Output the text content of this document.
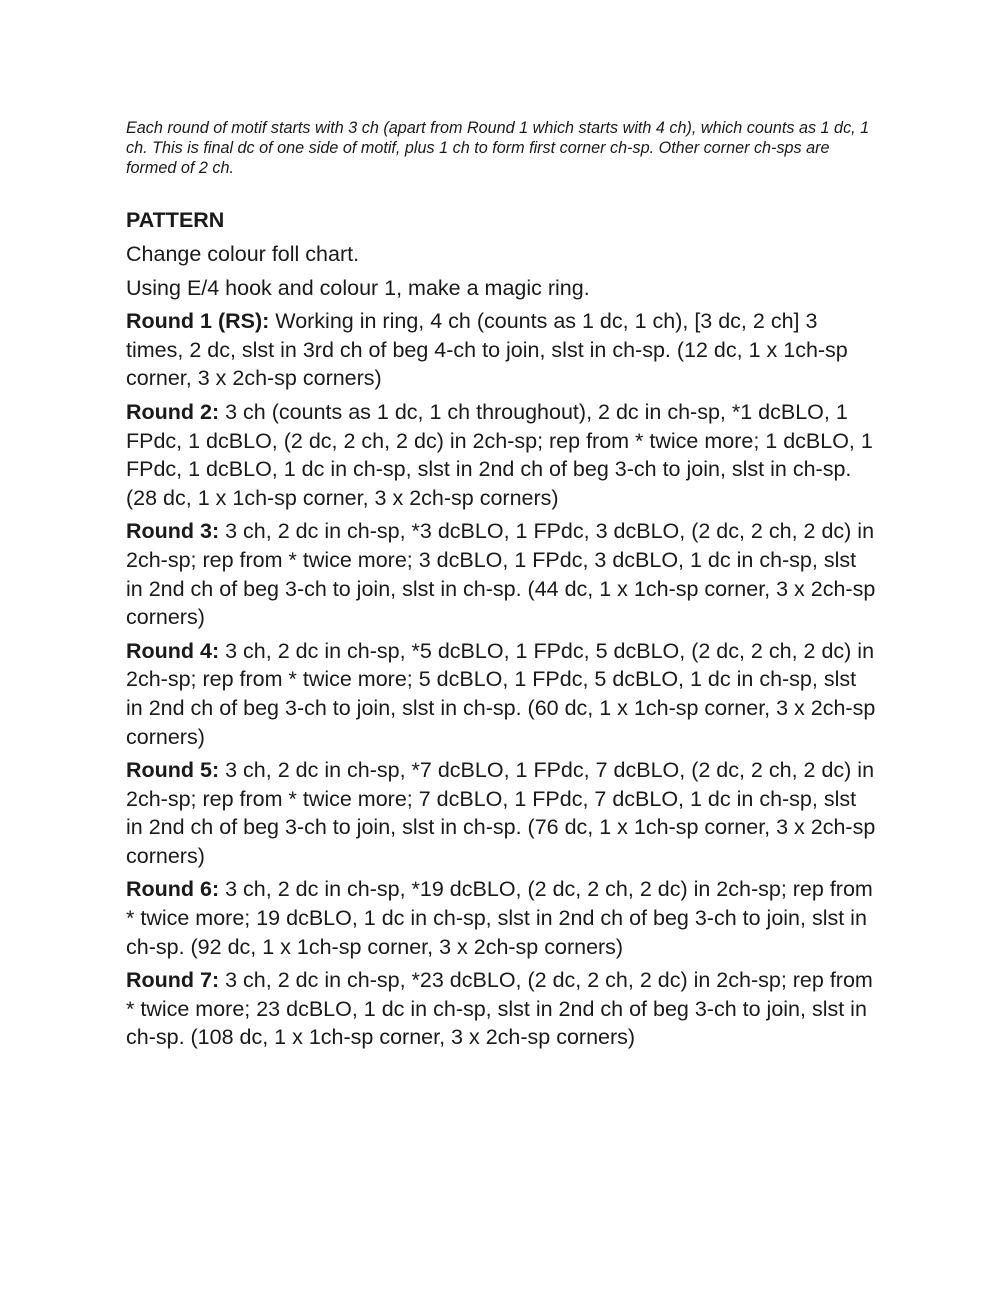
Each round of motif starts with 3 ch (apart from Round 1 which starts with 4 ch), which counts as 1 dc, 1 ch. This is final dc of one side of motif, plus 1 ch to form first corner ch-sp. Other corner ch-sps are formed of 2 ch.

PATTERN

Change colour foll chart.

Using E/4 hook and colour 1, make a magic ring.

Round 1 (RS): Working in ring, 4 ch (counts as 1 dc, 1 ch), [3 dc, 2 ch] 3 times, 2 dc, slst in 3rd ch of beg 4-ch to join, slst in ch-sp. (12 dc, 1 x 1ch-sp corner, 3 x 2ch-sp corners)

Round 2: 3 ch (counts as 1 dc, 1 ch throughout), 2 dc in ch-sp, *1 dcBLO, 1 FPdc, 1 dcBLO, (2 dc, 2 ch, 2 dc) in 2ch-sp; rep from * twice more; 1 dcBLO, 1 FPdc, 1 dcBLO, 1 dc in ch-sp, slst in 2nd ch of beg 3-ch to join, slst in ch-sp. (28 dc, 1 x 1ch-sp corner, 3 x 2ch-sp corners)

Round 3: 3 ch, 2 dc in ch-sp, *3 dcBLO, 1 FPdc, 3 dcBLO, (2 dc, 2 ch, 2 dc) in 2ch-sp; rep from * twice more; 3 dcBLO, 1 FPdc, 3 dcBLO, 1 dc in ch-sp, slst in 2nd ch of beg 3-ch to join, slst in ch-sp. (44 dc, 1 x 1ch-sp corner, 3 x 2ch-sp corners)

Round 4: 3 ch, 2 dc in ch-sp, *5 dcBLO, 1 FPdc, 5 dcBLO, (2 dc, 2 ch, 2 dc) in 2ch-sp; rep from * twice more; 5 dcBLO, 1 FPdc, 5 dcBLO, 1 dc in ch-sp, slst in 2nd ch of beg 3-ch to join, slst in ch-sp. (60 dc, 1 x 1ch-sp corner, 3 x 2ch-sp corners)

Round 5: 3 ch, 2 dc in ch-sp, *7 dcBLO, 1 FPdc, 7 dcBLO, (2 dc, 2 ch, 2 dc) in 2ch-sp; rep from * twice more; 7 dcBLO, 1 FPdc, 7 dcBLO, 1 dc in ch-sp, slst in 2nd ch of beg 3-ch to join, slst in ch-sp. (76 dc, 1 x 1ch-sp corner, 3 x 2ch-sp corners)

Round 6: 3 ch, 2 dc in ch-sp, *19 dcBLO, (2 dc, 2 ch, 2 dc) in 2ch-sp; rep from * twice more; 19 dcBLO, 1 dc in ch-sp, slst in 2nd ch of beg 3-ch to join, slst in ch-sp. (92 dc, 1 x 1ch-sp corner, 3 x 2ch-sp corners)

Round 7: 3 ch, 2 dc in ch-sp, *23 dcBLO, (2 dc, 2 ch, 2 dc) in 2ch-sp; rep from * twice more; 23 dcBLO, 1 dc in ch-sp, slst in 2nd ch of beg 3-ch to join, slst in ch-sp. (108 dc, 1 x 1ch-sp corner, 3 x 2ch-sp corners)
